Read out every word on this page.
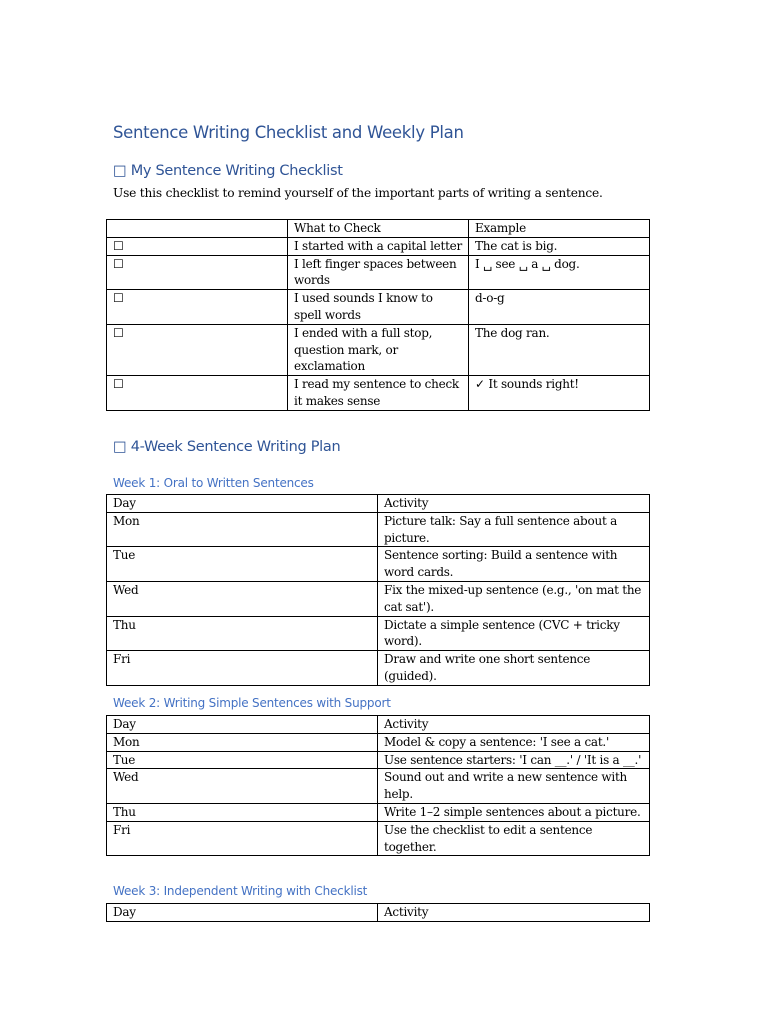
Sentence Writing Checklist and Weekly Plan
□ My Sentence Writing Checklist
Use this checklist to remind yourself of the important parts of writing a sentence.
	What to Check	Example
☐	I started with a capital letter	The cat is big.
☐	I left finger spaces between words	I ␣ see ␣ a ␣ dog.
☐	I used sounds I know to spell words	d-o-g
☐	I ended with a full stop, question mark, or exclamation	The dog ran.
☐	I read my sentence to check it makes sense	✓ It sounds right!
□ 4-Week Sentence Writing Plan
Week 1: Oral to Written Sentences
Day	Activity
Mon	Picture talk: Say a full sentence about a picture.
Tue	Sentence sorting: Build a sentence with word cards.
Wed	Fix the mixed-up sentence (e.g., 'on mat the cat sat').
Thu	Dictate a simple sentence (CVC + tricky word).
Fri	Draw and write one short sentence (guided).
Week 2: Writing Simple Sentences with Support
Day	Activity
Mon	Model & copy a sentence: 'I see a cat.'
Tue	Use sentence starters: 'I can __.' / 'It is a __.'
Wed	Sound out and write a new sentence with help.
Thu	Write 1–2 simple sentences about a picture.
Fri	Use the checklist to edit a sentence together.
Week 3: Independent Writing with Checklist
Day	Activity
